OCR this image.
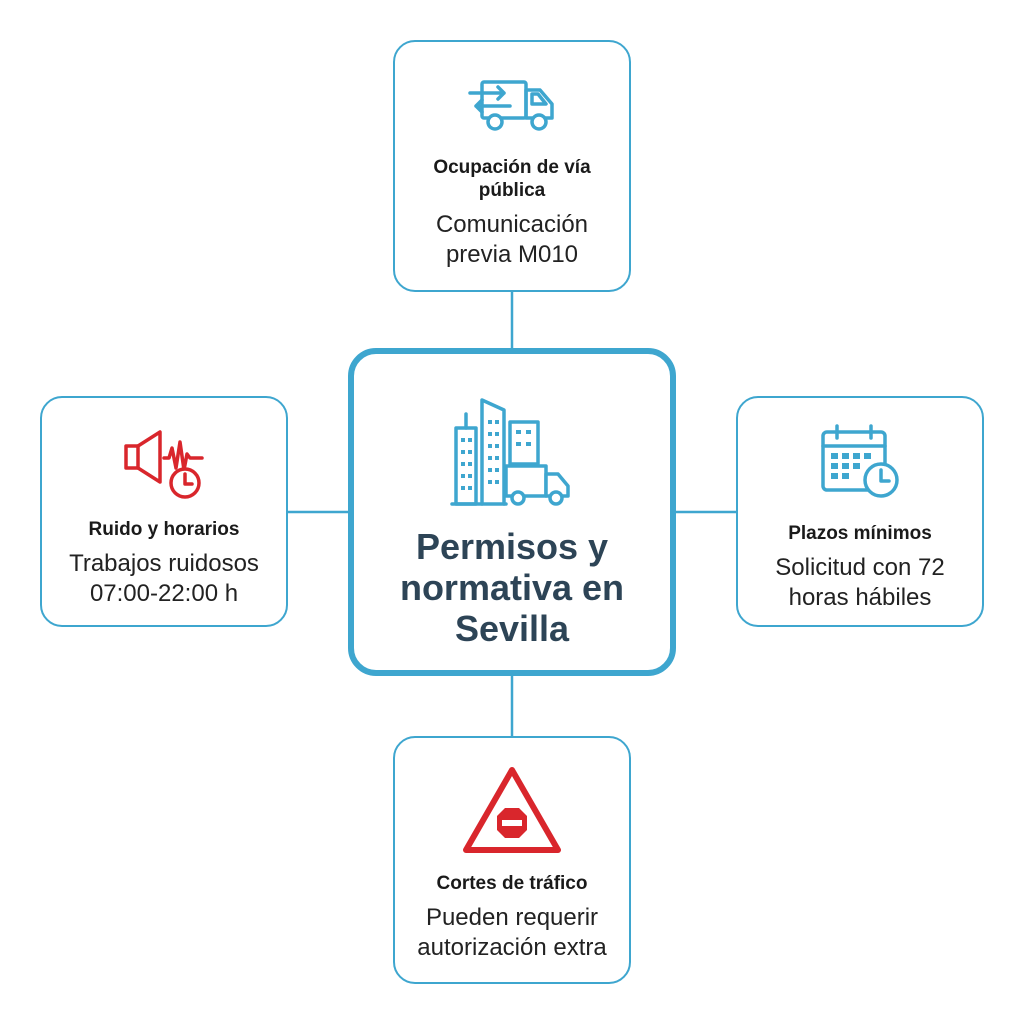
Ocupación de vía pública
Comunicación previa M010
Ruido y horarios
Trabajos ruidosos 07:00-22:00 h
Plazos mínimos
Solicitud con 72 horas hábiles
Cortes de tráfico
Pueden requerir autorización extra
Permisos y normativa en Sevilla
